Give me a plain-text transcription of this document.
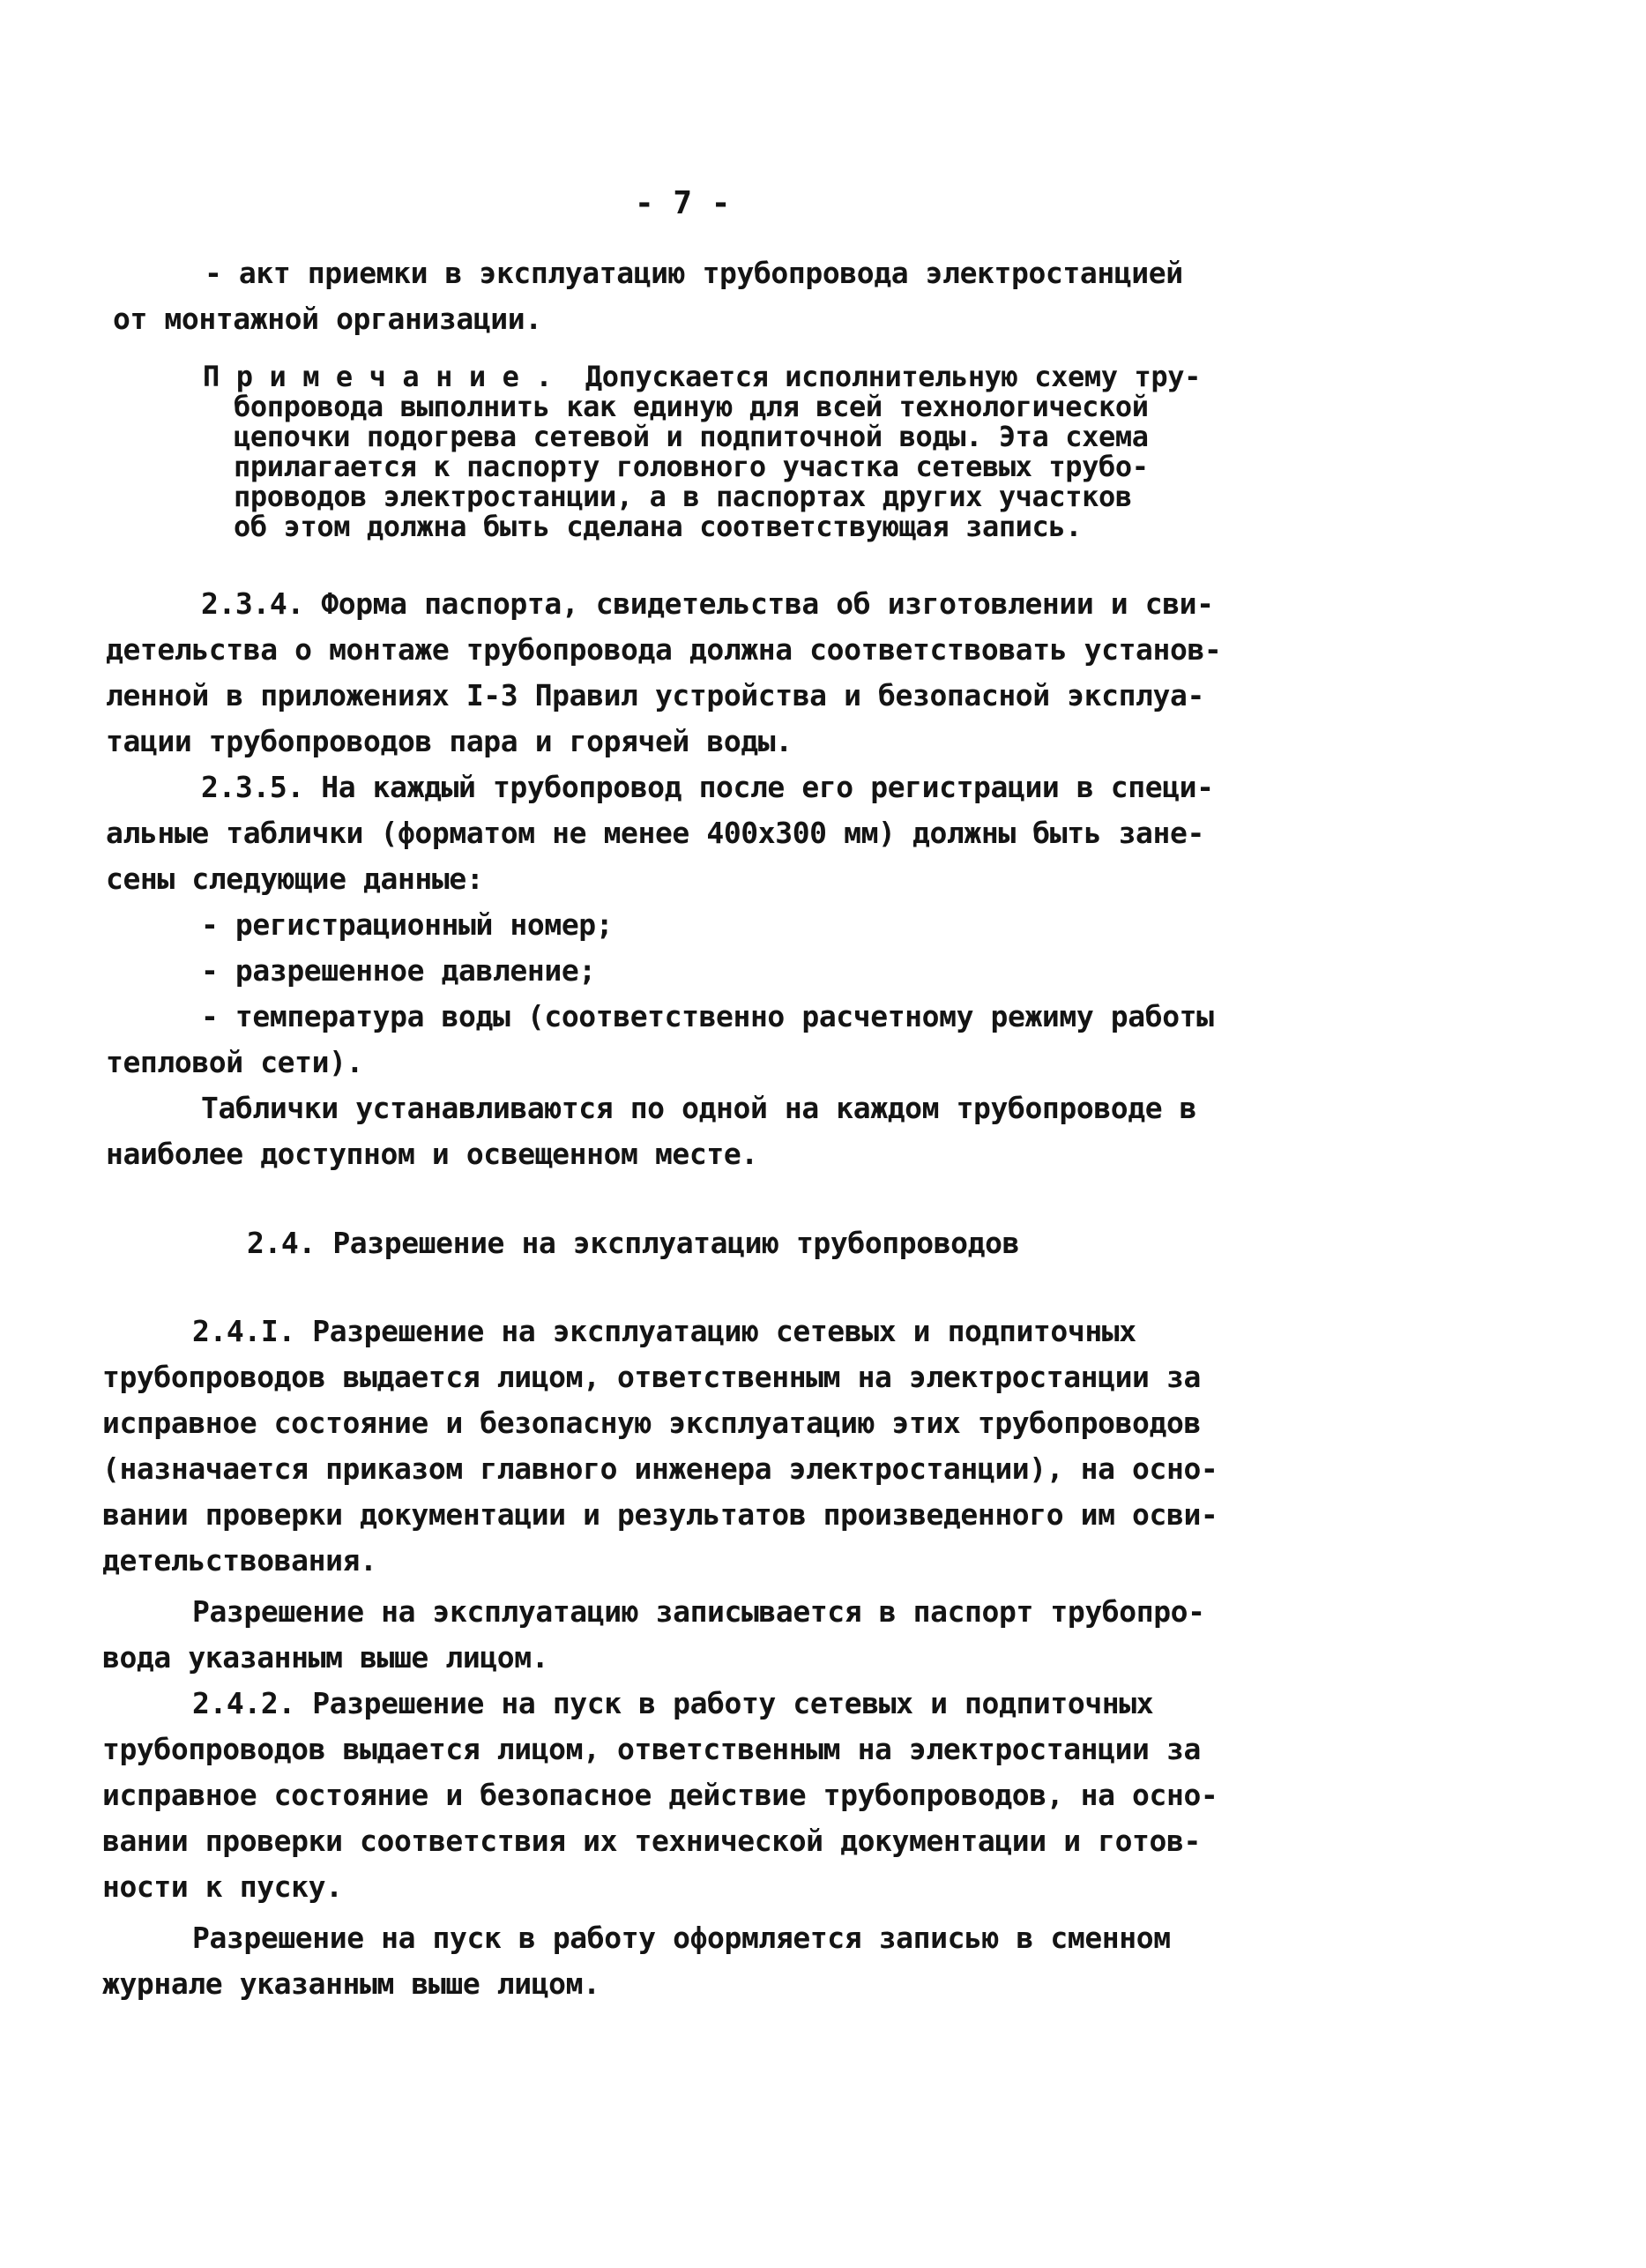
- 7 -
- акт приемки в эксплуатацию трубопровода электростанцией
от монтажной организации.
П р и м е ч а н и е .  Допускается исполнительную схему тру-
бопровода выполнить как единую для всей технологической
цепочки подогрева сетевой и подпиточной воды. Эта схема
прилагается к паспорту головного участка сетевых трубо-
проводов электростанции, а в паспортах других участков
об этом должна быть сделана соответствующая запись.
2.3.4. Форма паспорта, свидетельства об изготовлении и сви-
детельства о монтаже трубопровода должна соответствовать установ-
ленной в приложениях I-3 Правил устройства и безопасной эксплуа-
тации трубопроводов пара и горячей воды.
2.3.5. На каждый трубопровод после его регистрации в специ-
альные таблички (форматом не менее 400x300 мм) должны быть зане-
сены следующие данные:
- регистрационный номер;
- разрешенное давление;
- температура воды (соответственно расчетному режиму работы
тепловой сети).
Таблички устанавливаются по одной на каждом трубопроводе в
наиболее доступном и освещенном месте.
2.4. Разрешение на эксплуатацию трубопроводов
2.4.I. Разрешение на эксплуатацию сетевых и подпиточных
трубопроводов выдается лицом, ответственным на электростанции за
исправное состояние и безопасную эксплуатацию этих трубопроводов
(назначается приказом главного инженера электростанции), на осно-
вании проверки документации и результатов произведенного им осви-
детельствования.
Разрешение на эксплуатацию записывается в паспорт трубопро-
вода указанным выше лицом.
2.4.2. Разрешение на пуск в работу сетевых и подпиточных
трубопроводов выдается лицом, ответственным на электростанции за
исправное состояние и безопасное действие трубопроводов, на осно-
вании проверки соответствия их технической документации и готов-
ности к пуску.
Разрешение на пуск в работу оформляется записью в сменном
журнале указанным выше лицом.
